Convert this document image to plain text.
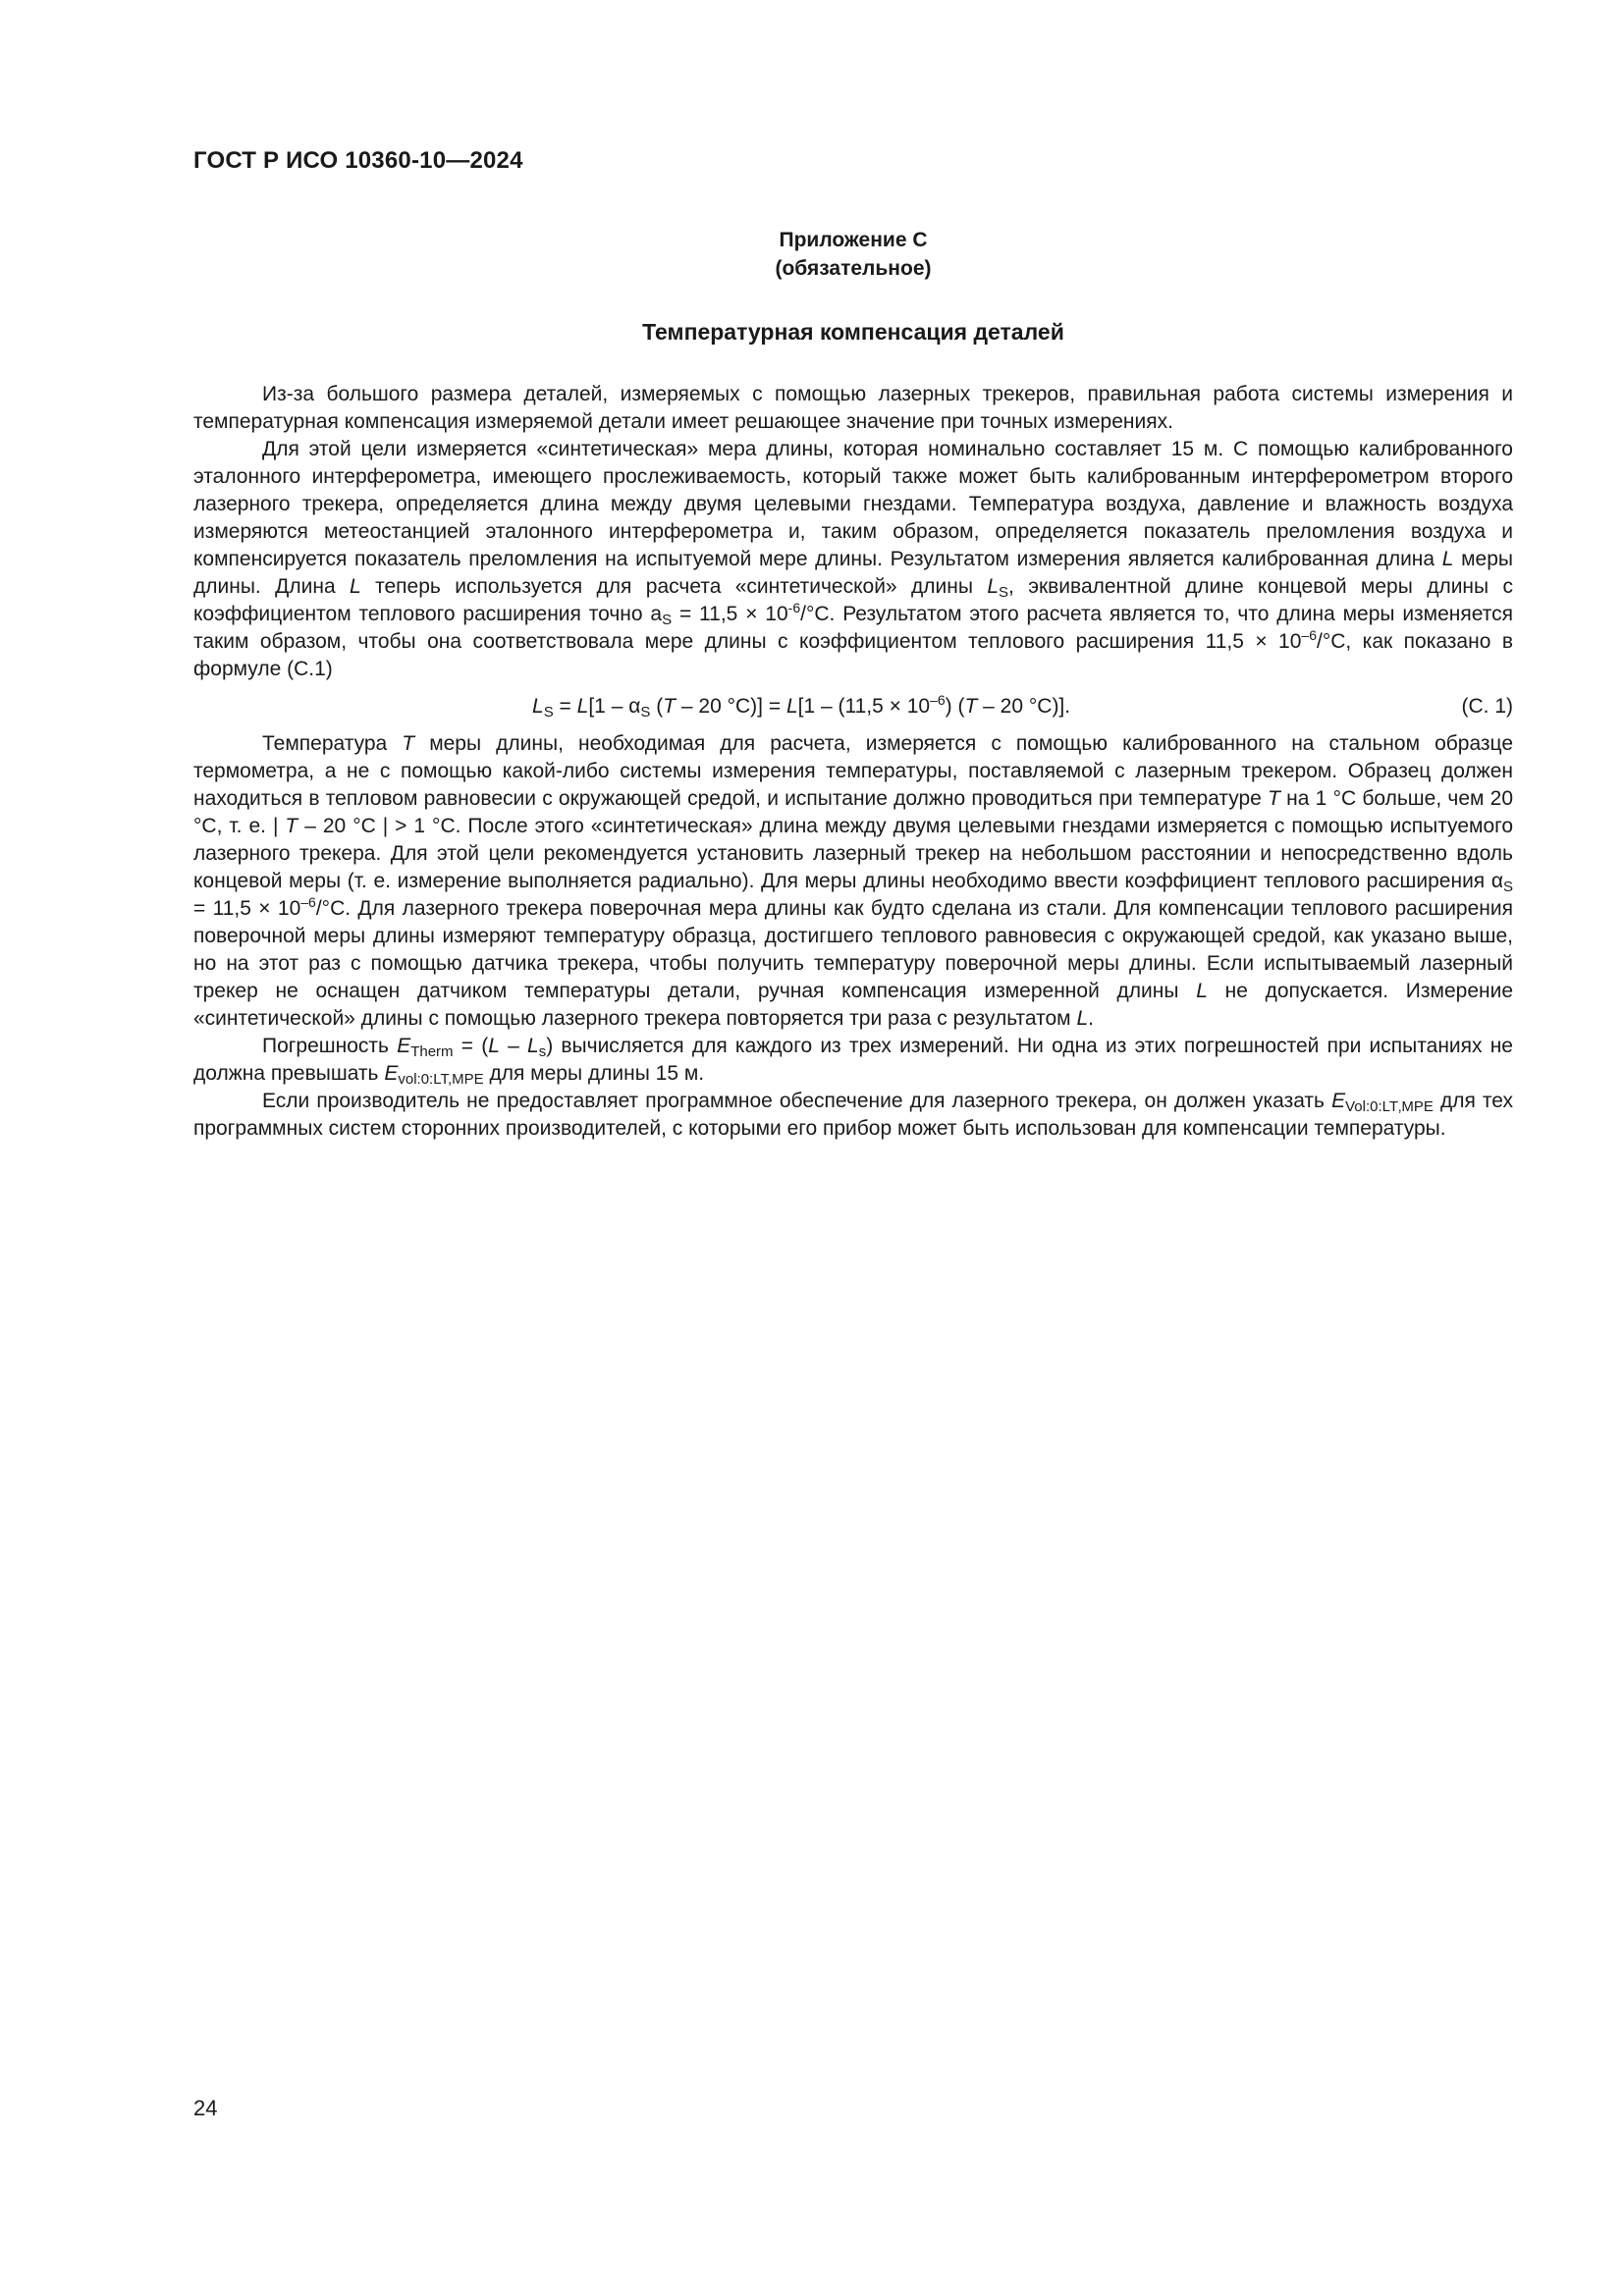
ГОСТ Р ИСО 10360-10—2024
Приложение С
(обязательное)
Температурная компенсация деталей

Из-за большого размера деталей, измеряемых с помощью лазерных трекеров, правильная работа системы измерения и температурная компенсация измеряемой детали имеет решающее значение при точных измерениях.

Для этой цели измеряется «синтетическая» мера длины, которая номинально составляет 15 м. С помощью калиброванного эталонного интерферометра, имеющего прослеживаемость, который также может быть калиброванным интерферометром второго лазерного трекера, определяется длина между двумя целевыми гнездами. Температура воздуха, давление и влажность воздуха измеряются метеостанцией эталонного интерферометра и, таким образом, определяется показатель преломления воздуха и компенсируется показатель преломления на испытуемой мере длины. Результатом измерения является калиброванная длина L меры длины. Длина L теперь используется для расчета «синтетической» длины $L_S$, эквивалентной длине концевой меры длины с коэффициентом теплового расширения точно $a_S = 11,5 \times 10^{-6}/^\circ C$. Результатом этого расчета является то, что длина меры изменяется таким образом, чтобы она соответствовала мере длины с коэффициентом теплового расширения $11,5 \times 10^{-6}/^\circ C$, как показано в формуле (С.1)

$L_S = L[1 - \alpha_S$ (T – 20 $^\circ C)] = L[1 - (11,5 \times 10^{-6})$ (T – 20 °C)].	(С. 1)

Температура T меры длины, необходимая для расчета, измеряется с помощью калиброванного на стальном образце термометра, а не с помощью какой-либо системы измерения температуры, поставляемой с лазерным трекером. Образец должен находиться в тепловом равновесии с окружающей средой, и испытание должно проводиться при температуре T на 1 °C больше, чем 20 °C, т. е. | T – 20 °C | > 1 °C. После этого «синтетическая» длина между двумя целевыми гнездами измеряется с помощью испытуемого лазерного трекера. Для этой цели рекомендуется установить лазерный трекер на небольшом расстоянии и непосредственно вдоль концевой меры (т. е. измерение выполняется радиально). Для меры длины необходимо ввести коэффициент теплового расширения $\alpha_S = 11,5 \times 10^{-6}/^\circ C$. Для лазерного трекера поверочная мера длины как будто сделана из стали. Для компенсации теплового расширения поверочной меры длины измеряют температуру образца, достигшего теплового равновесия с окружающей средой, как указано выше, но на этот раз с помощью датчика трекера, чтобы получить температуру поверочной меры длины. Если испытываемый лазерный трекер не оснащен датчиком температуры детали, ручная компенсация измеренной длины L не допускается. Измерение «синтетической» длины с помощью лазерного трекера повторяется три раза с результатом L.

Погрешность $E_{Therm} = (L - L_s)$ вычисляется для каждого из трех измерений. Ни одна из этих погрешностей при испытаниях не должна превышать $E_{vol:0:LT,MPE}$ для меры длины 15 м.

Если производитель не предоставляет программное обеспечение для лазерного трекера, он должен указать $E_{Vol:0:LT‚MPE}$ для тех программных систем сторонних производителей, с которыми его прибор может быть использован для компенсации температуры.

24
